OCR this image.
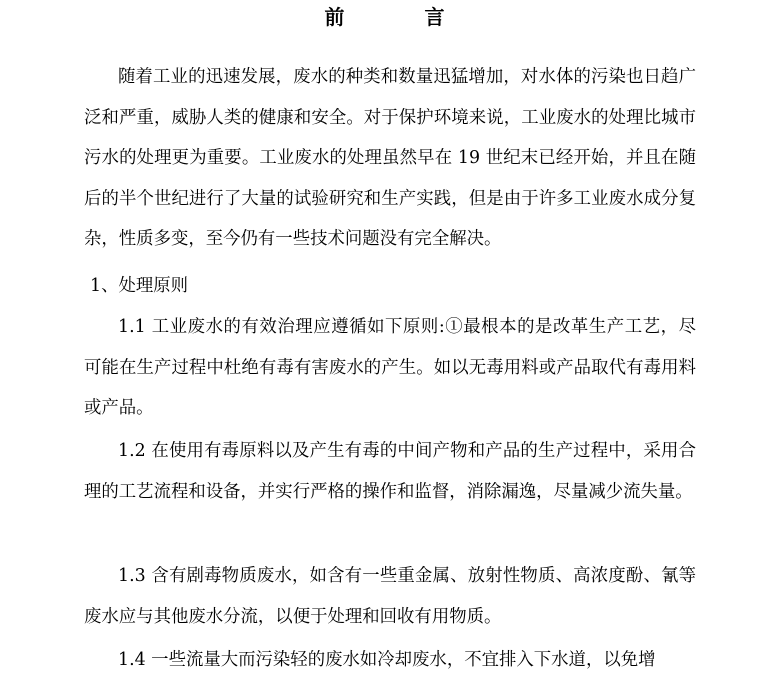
前　　　　言
随着工业的迅速发展，废水的种类和数量迅猛增加，对水体的污染也日趋广泛和严重，威胁人类的健康和安全。对于保护环境来说，工业废水的处理比城市污水的处理更为重要。工业废水的处理虽然早在 19 世纪末已经开始，并且在随后的半个世纪进行了大量的试验研究和生产实践，但是由于许多工业废水成分复杂，性质多变，至今仍有一些技术问题没有完全解决。
1、处理原则
1.1 工业废水的有效治理应遵循如下原则:①最根本的是改革生产工艺，尽可能在生产过程中杜绝有毒有害废水的产生。如以无毒用料或产品取代有毒用料或产品。
1.2 在使用有毒原料以及产生有毒的中间产物和产品的生产过程中，采用合理的工艺流程和设备，并实行严格的操作和监督，消除漏逸，尽量减少流失量。
1.3 含有剧毒物质废水，如含有一些重金属、放射性物质、高浓度酚、氰等废水应与其他废水分流，以便于处理和回收有用物质。
1.4 一些流量大而污染轻的废水如冷却废水，不宜排入下水道，以免增
